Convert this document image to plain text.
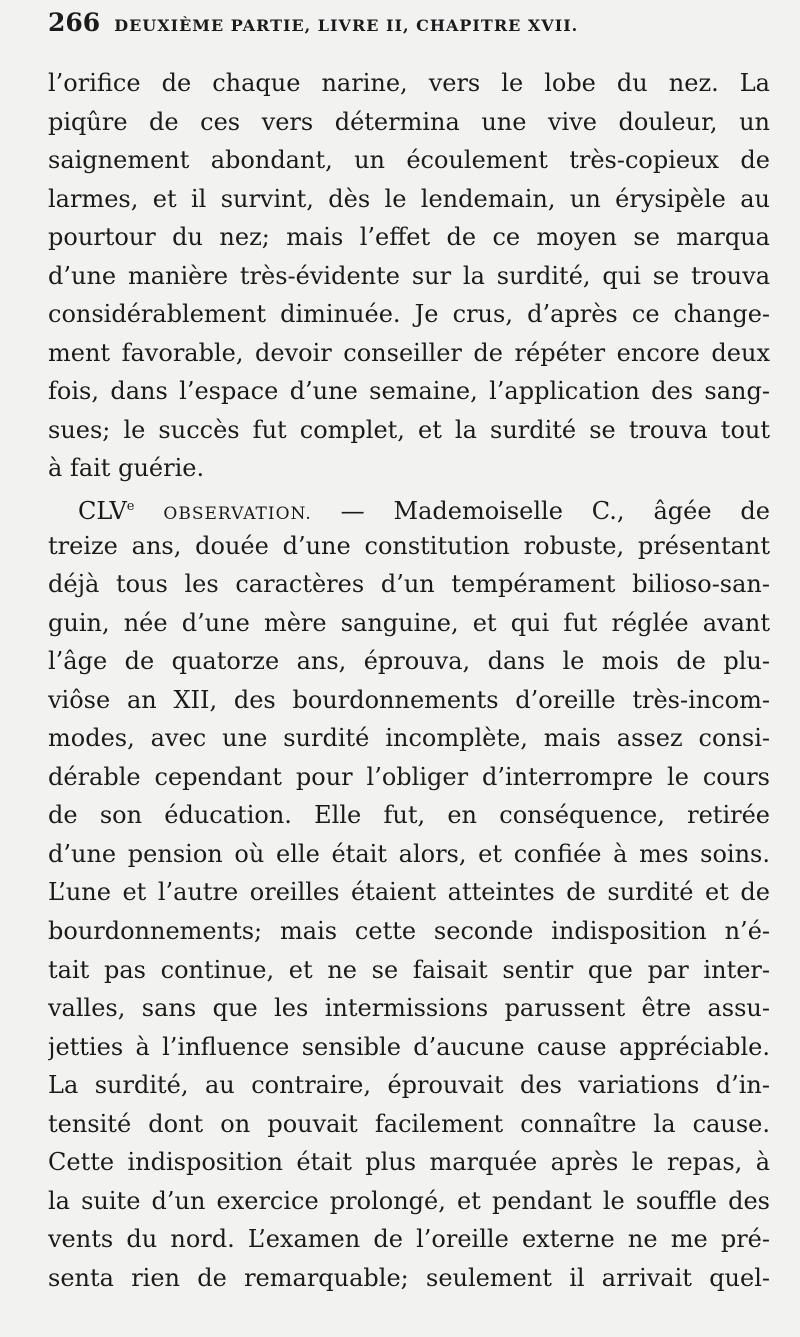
266 DEUXIÈME PARTIE, LIVRE II, CHAPITRE XVII.
l’orifice de chaque narine, vers le lobe du nez. La
piqûre de ces vers détermina une vive douleur, un
saignement abondant, un écoulement très-copieux de
larmes, et il survint, dès le lendemain, un érysipèle au
pourtour du nez; mais l’effet de ce moyen se marqua
d’une manière très-évidente sur la surdité, qui se trouva
considérablement diminuée. Je crus, d’après ce change-
ment favorable, devoir conseiller de répéter encore deux
fois, dans l’espace d’une semaine, l’application des sang-
sues; le succès fut complet, et la surdité se trouva tout
à fait guérie.
CLVe OBSERVATION. — Mademoiselle C., âgée de
treize ans, douée d’une constitution robuste, présentant
déjà tous les caractères d’un tempérament bilioso-san-
guin, née d’une mère sanguine, et qui fut réglée avant
l’âge de quatorze ans, éprouva, dans le mois de plu-
viôse an XII, des bourdonnements d’oreille très-incom-
modes, avec une surdité incomplète, mais assez consi-
dérable cependant pour l’obliger d’interrompre le cours
de son éducation. Elle fut, en conséquence, retirée
d’une pension où elle était alors, et confiée à mes soins.
L’une et l’autre oreilles étaient atteintes de surdité et de
bourdonnements; mais cette seconde indisposition n’é-
tait pas continue, et ne se faisait sentir que par inter-
valles, sans que les intermissions parussent être assu-
jetties à l’influence sensible d’aucune cause appréciable.
La surdité, au contraire, éprouvait des variations d’in-
tensité dont on pouvait facilement connaître la cause.
Cette indisposition était plus marquée après le repas, à
la suite d’un exercice prolongé, et pendant le souffle des
vents du nord. L’examen de l’oreille externe ne me pré-
senta rien de remarquable; seulement il arrivait quel-
